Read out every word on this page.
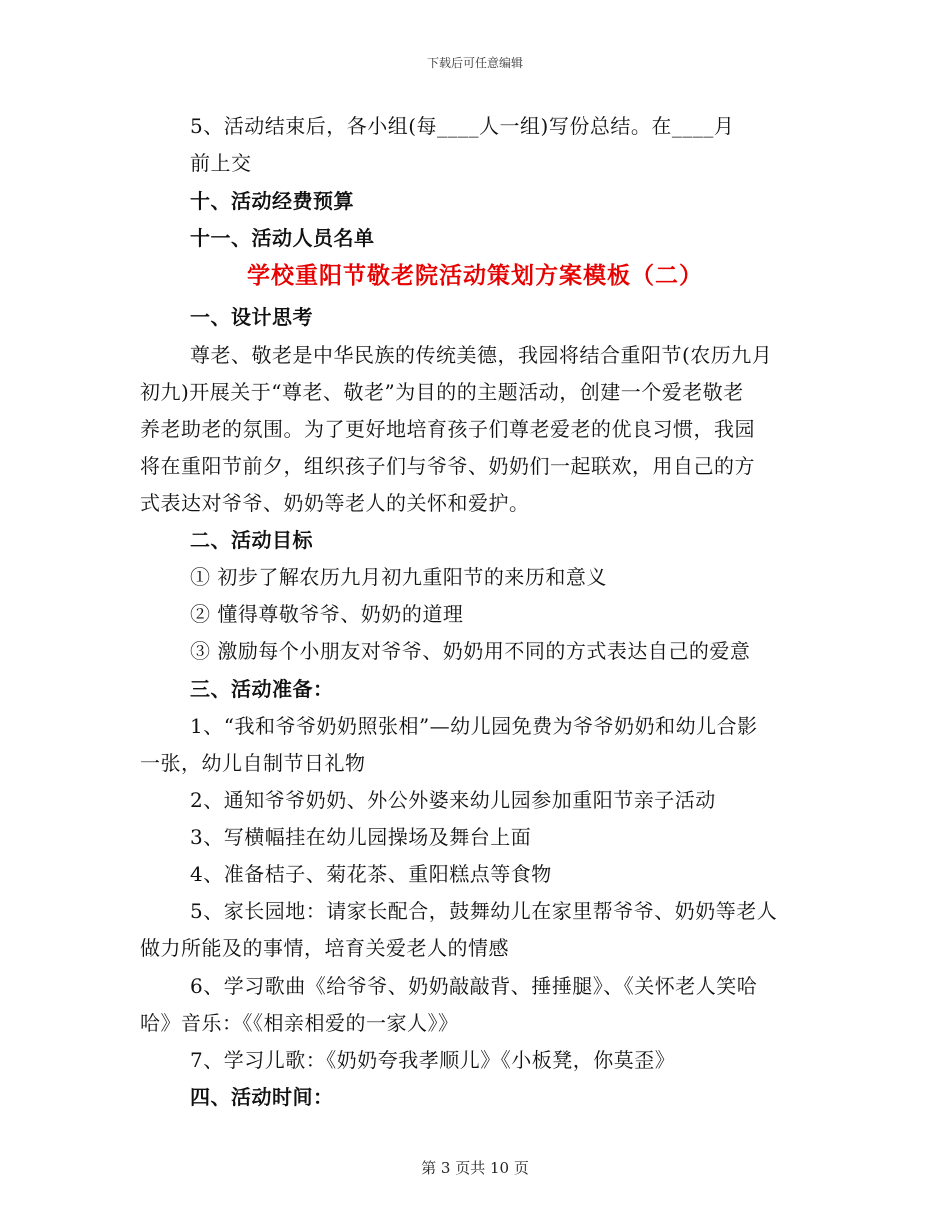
下载后可任意编辑
5、活动结束后，各小组(每____人一组)写份总结。在____月
前上交
十、活动经费预算
十一、活动人员名单
学校重阳节敬老院活动策划方案模板（二）
一、设计思考
尊老、敬老是中华民族的传统美德，我园将结合重阳节(农历九月
初九)开展关于“尊老、敬老”为目的的主题活动，创建一个爱老敬老
养老助老的氛围。为了更好地培育孩子们尊老爱老的优良习惯，我园
将在重阳节前夕，组织孩子们与爷爷、奶奶们一起联欢，用自己的方
式表达对爷爷、奶奶等老人的关怀和爱护。
二、活动目标
① 初步了解农历九月初九重阳节的来历和意义
② 懂得尊敬爷爷、奶奶的道理
③ 激励每个小朋友对爷爷、奶奶用不同的方式表达自己的爱意
三、活动准备：
1、“我和爷爷奶奶照张相”—幼儿园免费为爷爷奶奶和幼儿合影
一张，幼儿自制节日礼物
2、通知爷爷奶奶、外公外婆来幼儿园参加重阳节亲子活动
3、写横幅挂在幼儿园操场及舞台上面
4、准备桔子、菊花茶、重阳糕点等食物
5、家长园地：请家长配合，鼓舞幼儿在家里帮爷爷、奶奶等老人
做力所能及的事情，培育关爱老人的情感
6、学习歌曲《给爷爷、奶奶敲敲背、捶捶腿》、《关怀老人笑哈
哈》音乐：《《相亲相爱的一家人》》
7、学习儿歌：《奶奶夸我孝顺儿》《小板凳，你莫歪》
四、活动时间：
第 3 页共 10 页
